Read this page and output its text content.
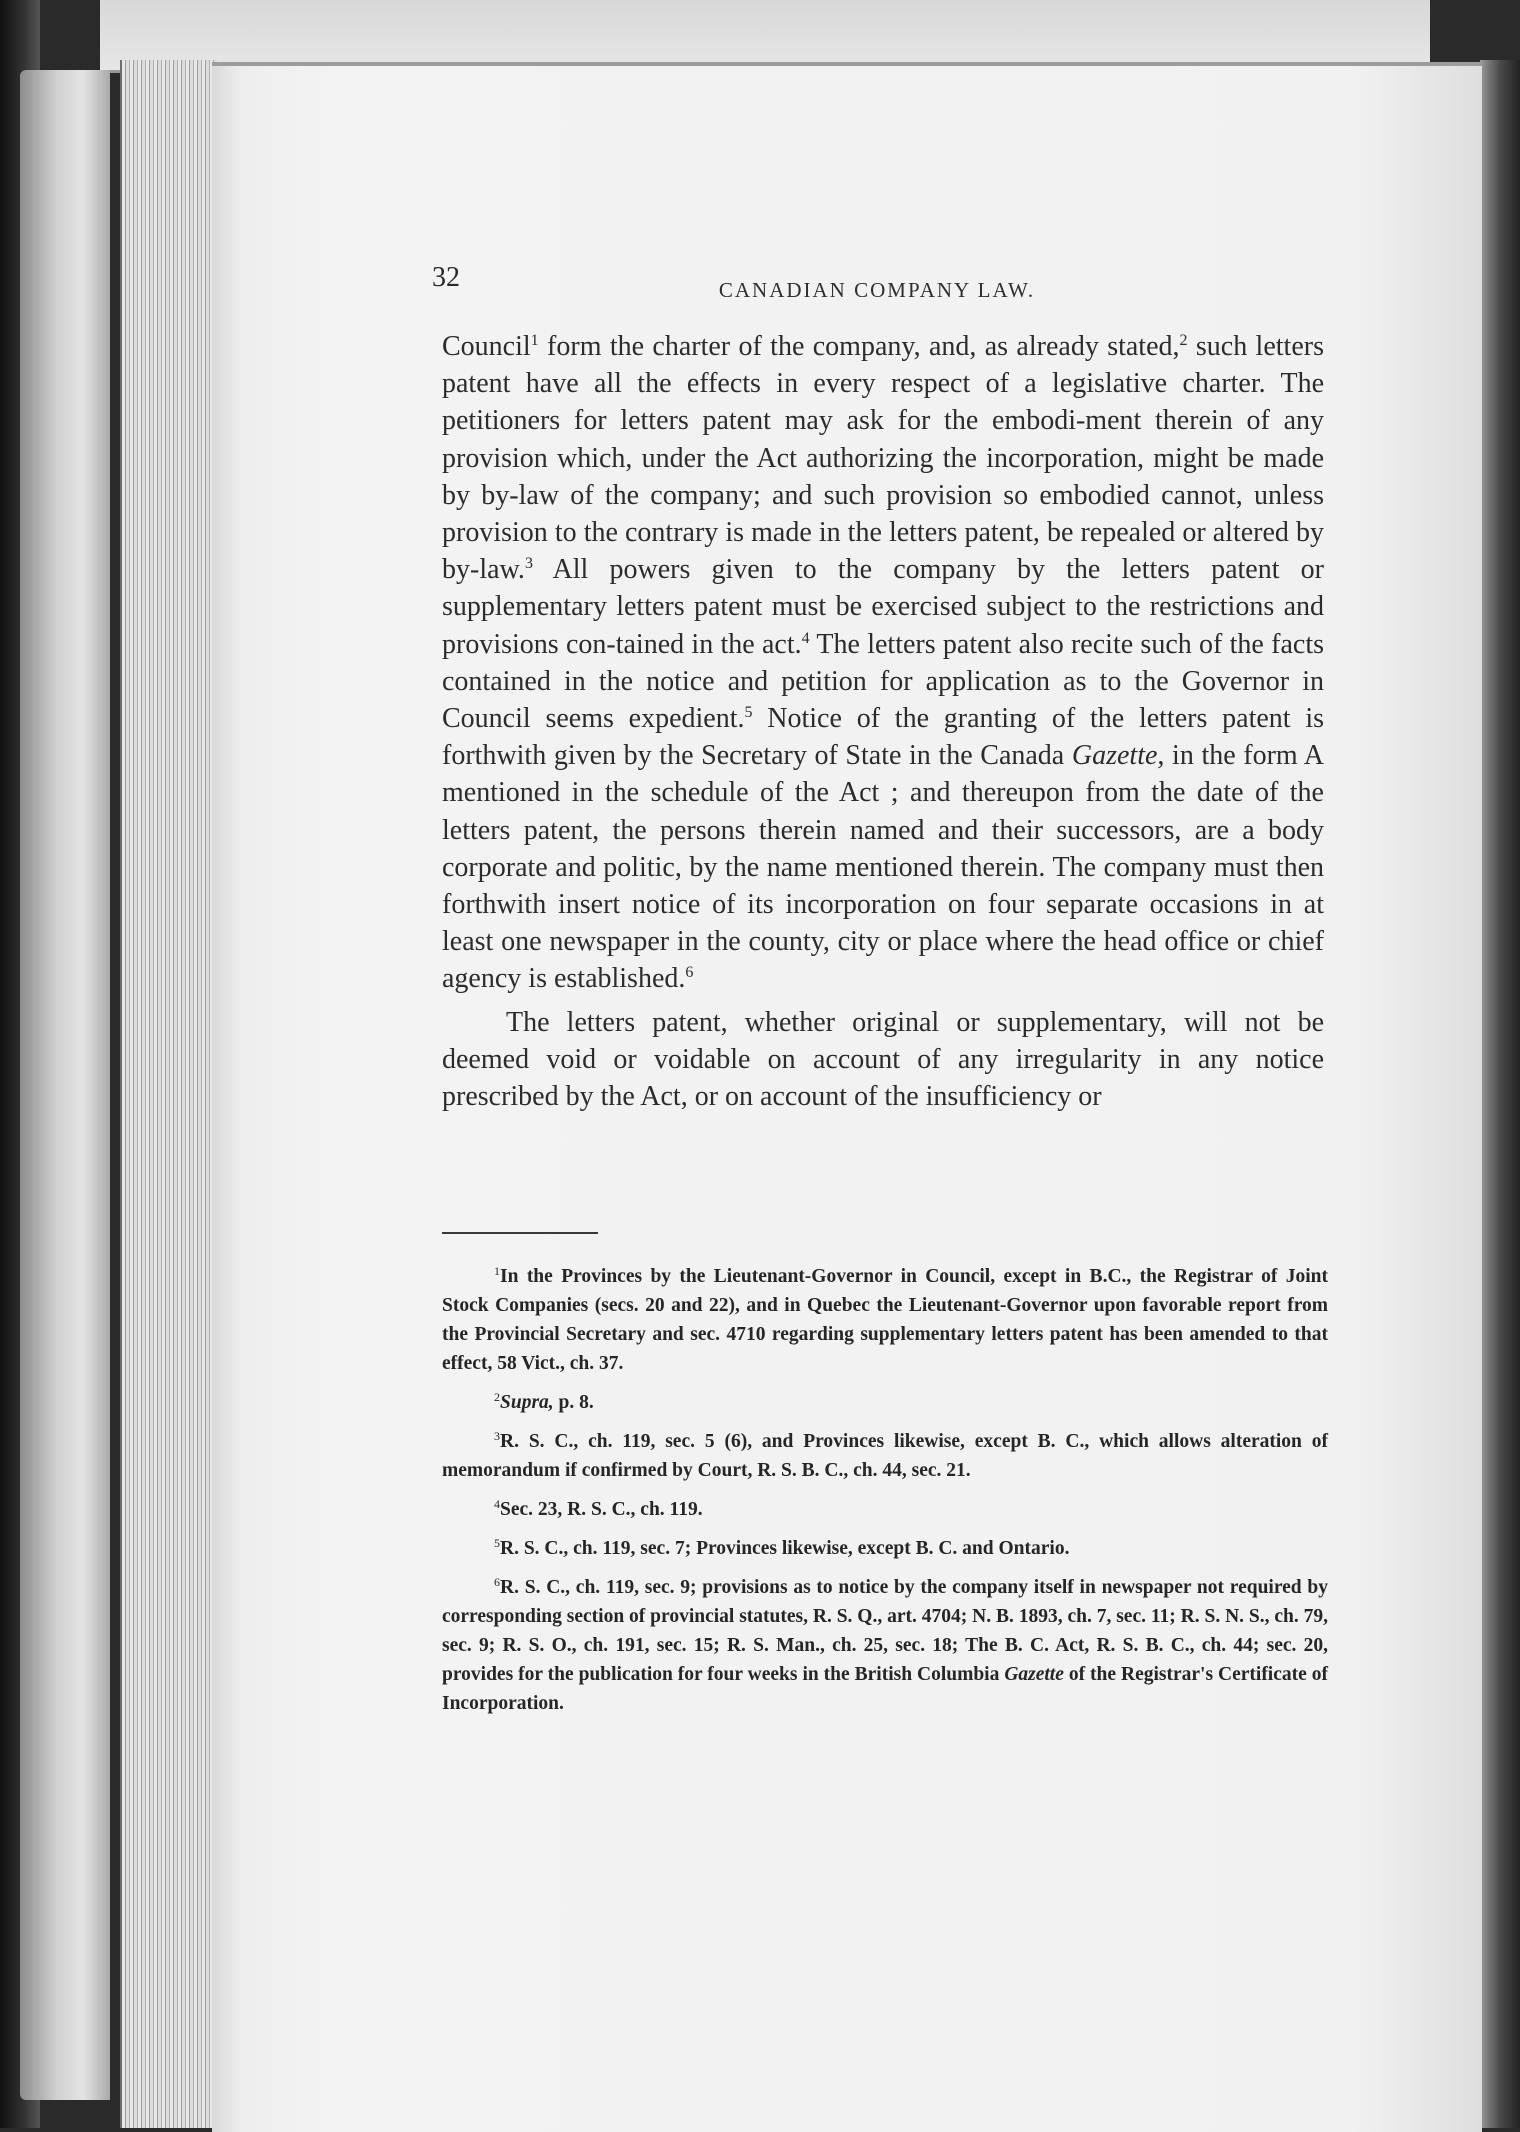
32	CANADIAN COMPANY LAW.

Council$^1$ form the charter of the company, and, as already stated,$^2$ such letters patent have all the effects in every respect of a legislative charter. The petitioners for letters patent may ask for the embodi-ment therein of any provision which, under the Act authorizing the incorporation, might be made by by-law of the company; and such provision so embodied cannot, unless provision to the contrary is made in the letters patent, be repealed or altered by by-law.$^3$ All powers given to the company by the letters patent or supplementary letters patent must be exercised subject to the restrictions and provisions con-tained in the act.$^4$ The letters patent also recite such of the facts contained in the notice and petition for application as to the Governor in Council seems expedient.$^5$ Notice of the granting of the letters patent is forthwith given by the Secretary of State in the Canada Gazette, in the form A mentioned in the schedule of the Act ; and thereupon from the date of the letters patent, the persons therein named and their successors, are a body corporate and politic, by the name mentioned therein. The company must then forthwith insert notice of its incorporation on four separate occasions in at least one newspaper in the county, city or place where the head office or chief agency is established.$^6$

The letters patent, whether original or supplementary, will not be deemed void or voidable on account of any irregularity in any notice prescribed by the Act, or on account of the insufficiency or

$^1$In the Provinces by the Lieutenant-Governor in Council, except in B.C., the Registrar of Joint Stock Companies (secs. 20 and 22), and in Quebec the Lieutenant-Governor upon favorable report from the Provincial Secretary and sec. 4710 regarding supplementary letters patent has been amended to that effect, 58 Vict., ch. 37.

$^2$Supra, p. 8.

$^3$R. S. C., ch. 119, sec. 5 (6), and Provinces likewise, except B. C., which allows alteration of memorandum if confirmed by Court, R. S. B. C., ch. 44, sec. 21.

$^4$Sec. 23, R. S. C., ch. 119.

$^5$R. S. C., ch. 119, sec. 7; Provinces likewise, except B. C. and Ontario.

$^6$R. S. C., ch. 119, sec. 9; provisions as to notice by the company itself in newspaper not required by corresponding section of provincial statutes, R. S. Q., art. 4704; N. B. 1893, ch. 7, sec. 11; R. S. N. S., ch. 79, sec. 9; R. S. O., ch. 191, sec. 15; R. S. Man., ch. 25, sec. 18; The B. C. Act, R. S. B. C., ch. 44; sec. 20, provides for the publication for four weeks in the British Columbia Gazette of the Registrar's Certificate of Incorporation.
